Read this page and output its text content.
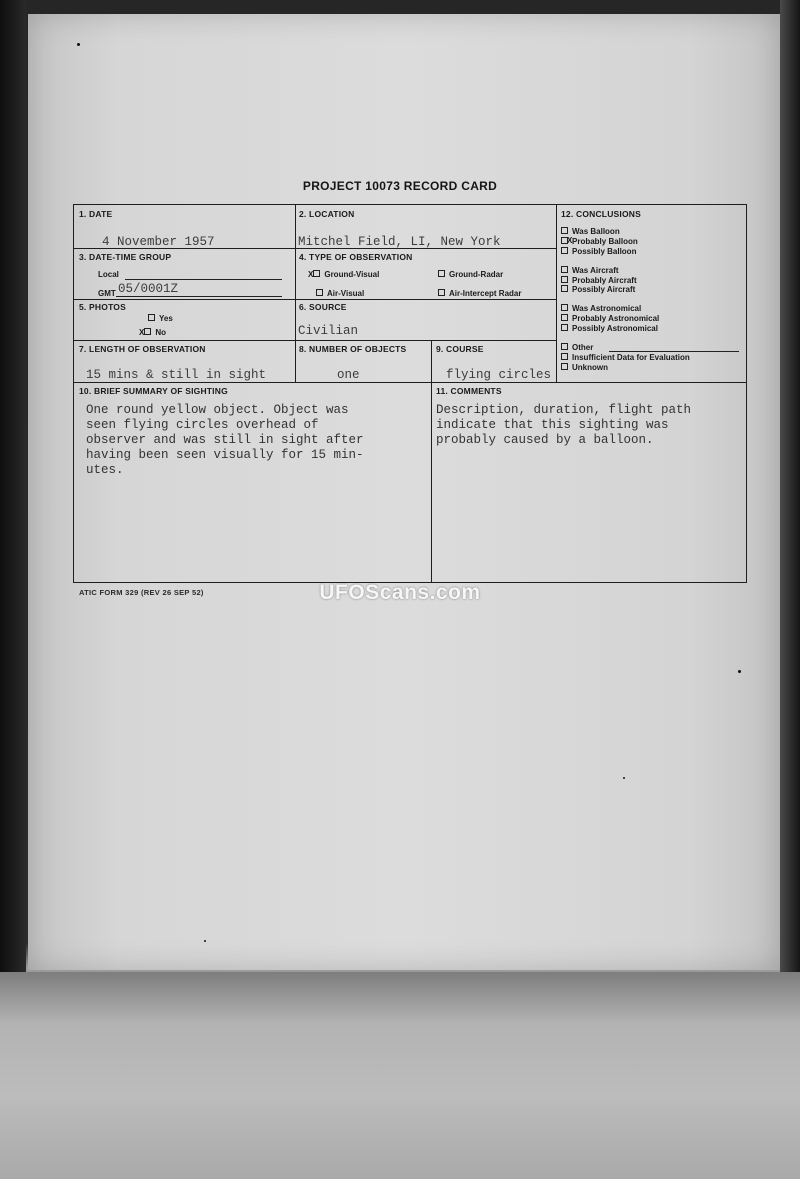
PROJECT 10073 RECORD CARD
1. DATE
4 November 1957
2. LOCATION
Mitchel Field, LI, New York
3. DATE-TIME GROUP
Local
GMT 05/0001Z
4. TYPE OF OBSERVATION
X Ground-Visual	Ground-Radar
Air-Visual	Air-Intercept Radar
5. PHOTOS
Yes
X No
6. SOURCE
Civilian
7. LENGTH OF OBSERVATION
15 mins & still in sight
8. NUMBER OF OBJECTS
one
9. COURSE
flying circles
10. BRIEF SUMMARY OF SIGHTING
One round yellow object. Object was
seen flying circles overhead of
observer and was still in sight after
having been seen visually for 15 min-
utes.
11. COMMENTS
Description, duration, flight path
indicate that this sighting was
probably caused by a balloon.
12. CONCLUSIONS
Was Balloon
X Probably Balloon
Possibly Balloon
Was Aircraft
Probably Aircraft
Possibly Aircraft
Was Astronomical
Probably Astronomical
Possibly Astronomical
Other
Insufficient Data for Evaluation
Unknown
ATIC FORM 329 (REV 26 SEP 52)	UFOScans.com
